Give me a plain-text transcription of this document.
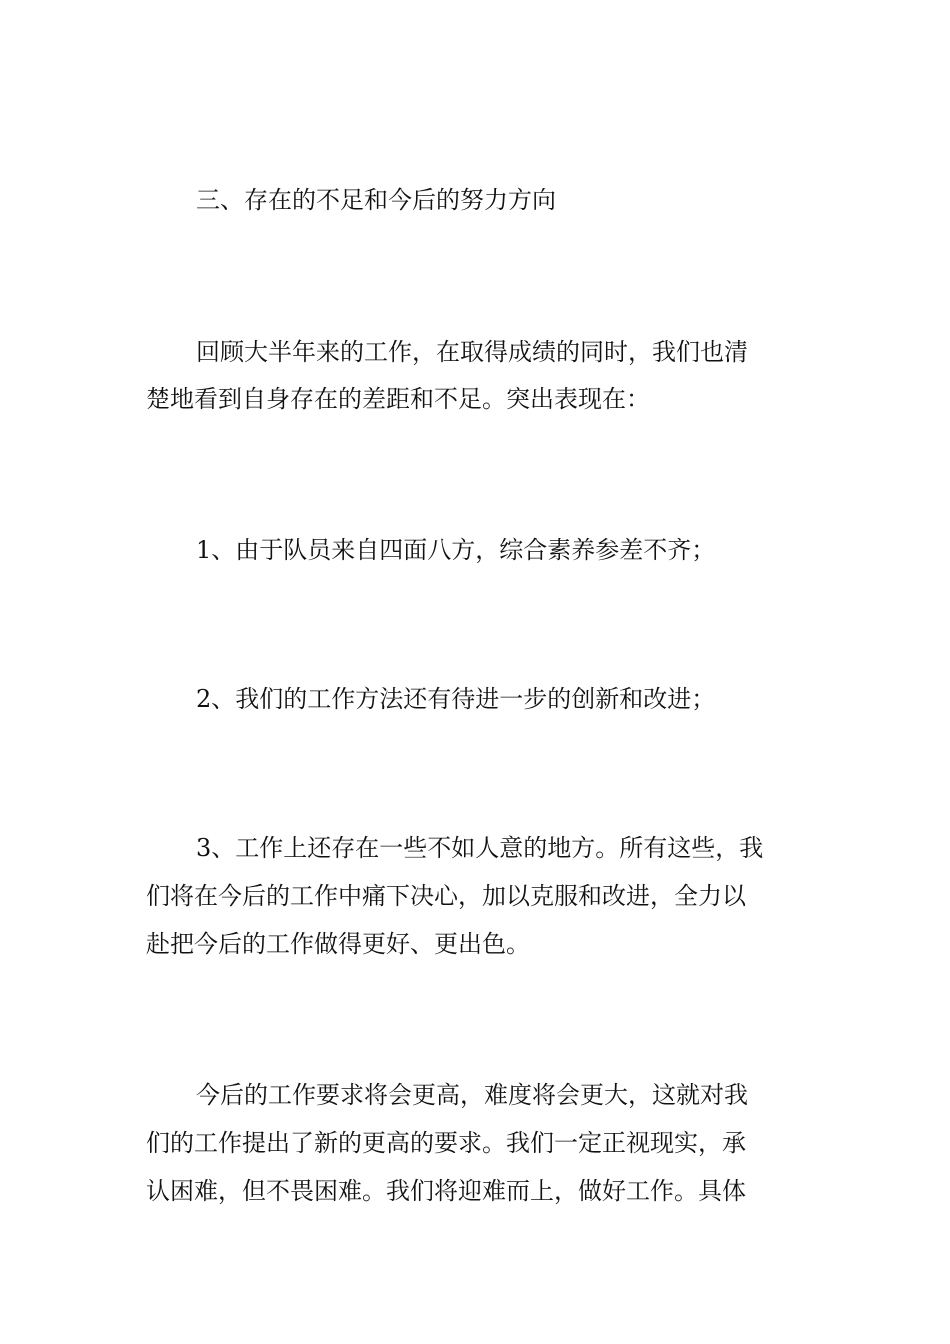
三、存在的不足和今后的努力方向

回顾大半年来的工作，在取得成绩的同时，我们也清

楚地看到自身存在的差距和不足。突出表现在：

1、由于队员来自四面八方，综合素养参差不齐；

2、我们的工作方法还有待进一步的创新和改进；

3、工作上还存在一些不如人意的地方。所有这些，我

们将在今后的工作中痛下决心，加以克服和改进，全力以

赴把今后的工作做得更好、更出色。

今后的工作要求将会更高，难度将会更大，这就对我

们的工作提出了新的更高的要求。我们一定正视现实，承

认困难，但不畏困难。我们将迎难而上，做好工作。具体
